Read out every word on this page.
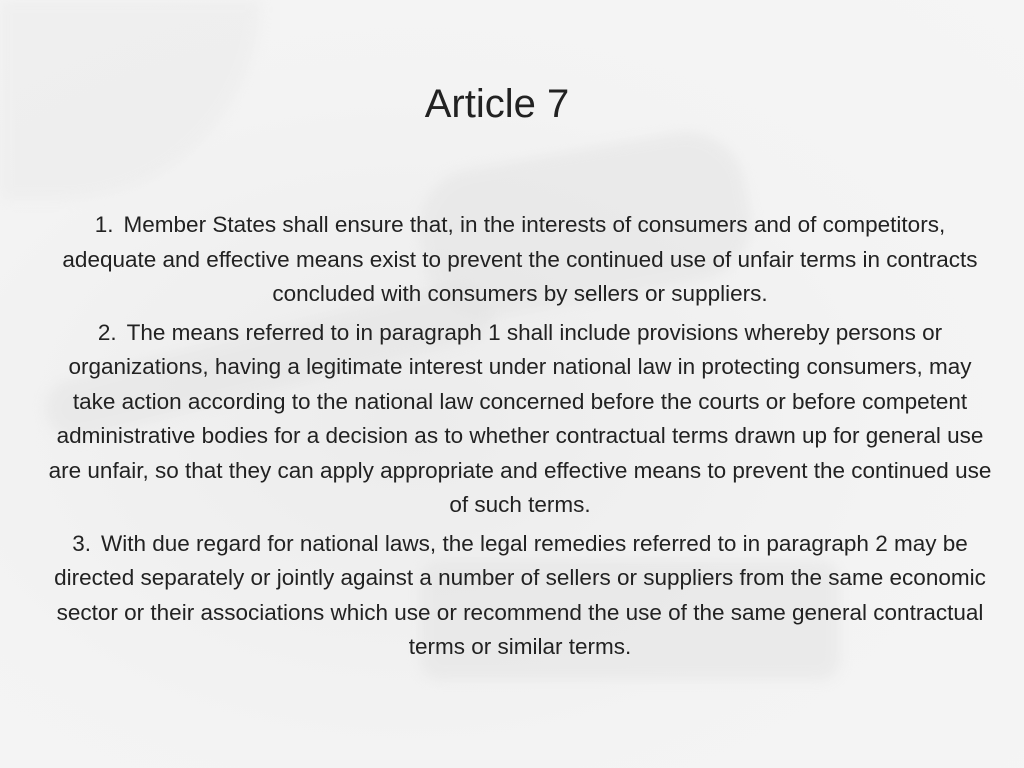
Article 7

1. Member States shall ensure that, in the interests of consumers and of competitors, adequate and effective means exist to prevent the continued use of unfair terms in contracts concluded with consumers by sellers or suppliers.

2. The means referred to in paragraph 1 shall include provisions whereby persons or organizations, having a legitimate interest under national law in protecting consumers, may take action according to the national law concerned before the courts or before competent administrative bodies for a decision as to whether contractual terms drawn up for general use are unfair, so that they can apply appropriate and effective means to prevent the continued use of such terms.

3. With due regard for national laws, the legal remedies referred to in paragraph 2 may be directed separately or jointly against a number of sellers or suppliers from the same economic sector or their associations which use or recommend the use of the same general contractual terms or similar terms.
